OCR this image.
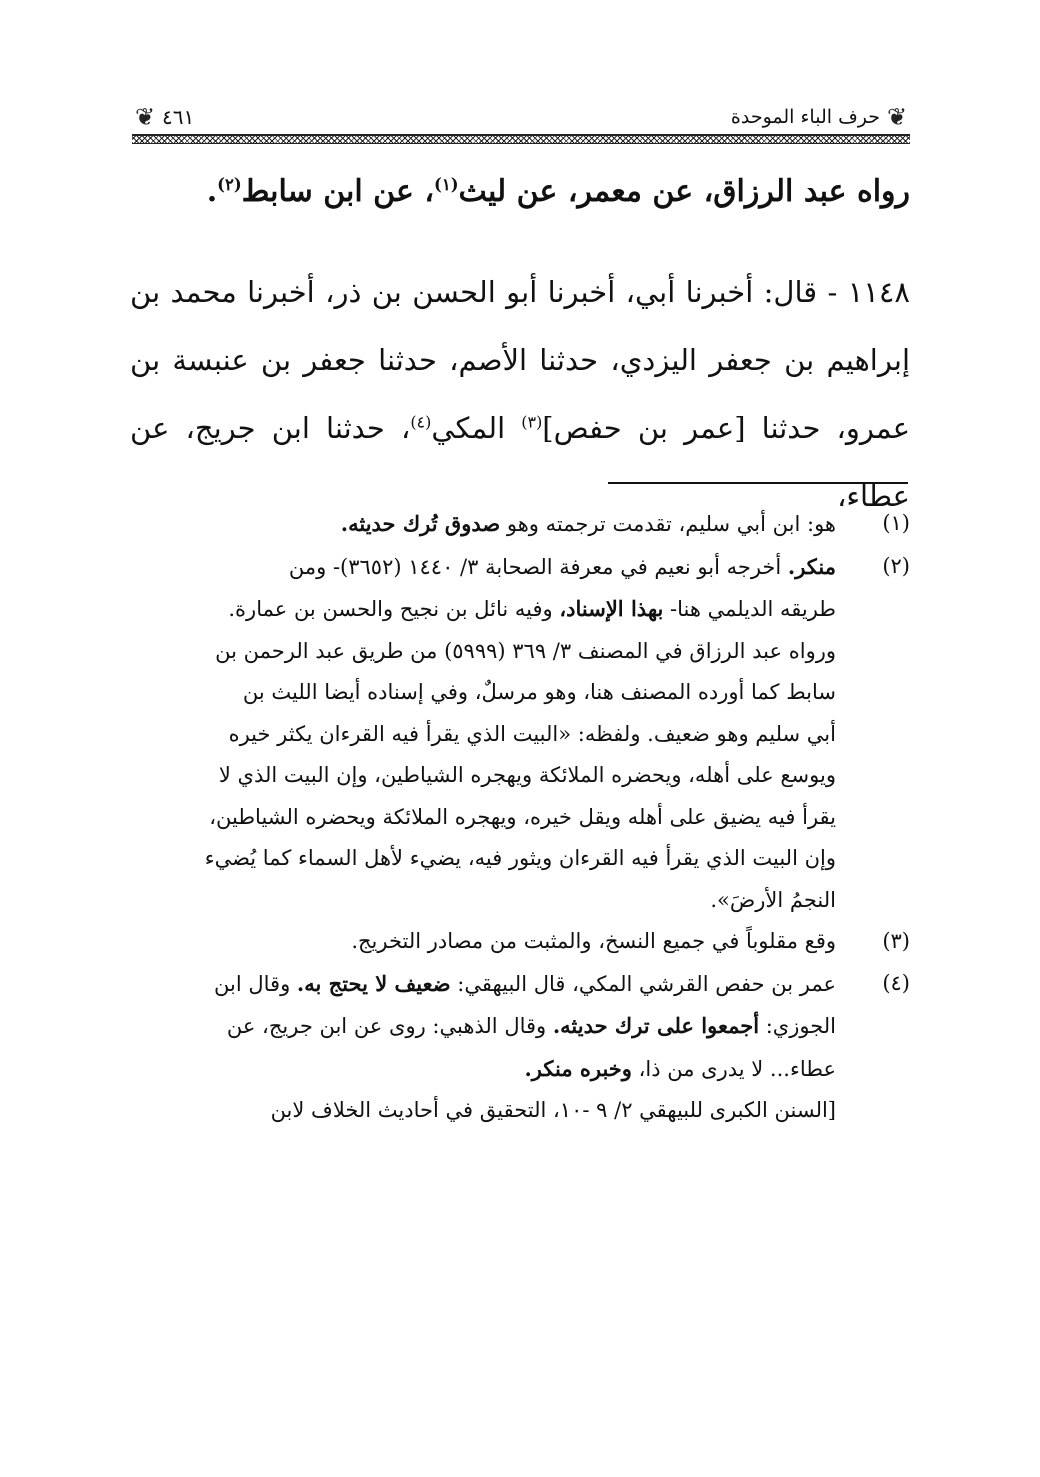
❦
حرف الباء الموحدة
٤٦١
❦
رواه عبد الرزاق، عن معمر، عن ليث$^{(١)}$، عن ابن سابط$^{(٢)}$.
١١٤٨ - قال: أخبرنا أبي، أخبرنا أبو الحسن بن ذر، أخبرنا محمد بن
إبراهيم بن جعفر اليزدي، حدثنا الأصم، حدثنا جعفر بن عنبسة بن
عمرو، حدثنا [عمر بن حفص]$^{(٣)}$ المكي$^{(٤)}$، حدثنا ابن جريج، عن عطاء،
(١)
هو: ابن أبي سليم، تقدمت ترجمته وهو صدوق تُرك حديثه.
(٢)
منكر. أخرجه أبو نعيم في معرفة الصحابة ٣/ ١٤٤٠ (٣٦٥٢)- ومن
طريقه الديلمي هنا- بهذا الإسناد، وفيه نائل بن نجيح والحسن بن عمارة.
ورواه عبد الرزاق في المصنف ٣/ ٣٦٩ (٥٩٩٩) من طريق عبد الرحمن بن
سابط كما أورده المصنف هنا، وهو مرسلٌ، وفي إسناده أيضا الليث بن
أبي سليم وهو ضعيف. ولفظه: «البيت الذي يقرأ فيه القرءان يكثر خيره
ويوسع على أهله، ويحضره الملائكة ويهجره الشياطين، وإن البيت الذي لا
يقرأ فيه يضيق على أهله ويقل خيره، ويهجره الملائكة ويحضره الشياطين،
وإن البيت الذي يقرأ فيه القرءان ويثور فيه، يضيء لأهل السماء كما يُضيء
النجمُ الأرضَ».
(٣)
وقع مقلوباً في جميع النسخ، والمثبت من مصادر التخريج.
(٤)
عمر بن حفص القرشي المكي، قال البيهقي: ضعيف لا يحتج به. وقال ابن
الجوزي: أجمعوا على ترك حديثه. وقال الذهبي: روى عن ابن جريج، عن
عطاء... لا يدرى من ذا، وخبره منكر.
[السنن الكبرى للبيهقي ٢/ ٩ -١٠، التحقيق في أحاديث الخلاف لابن
